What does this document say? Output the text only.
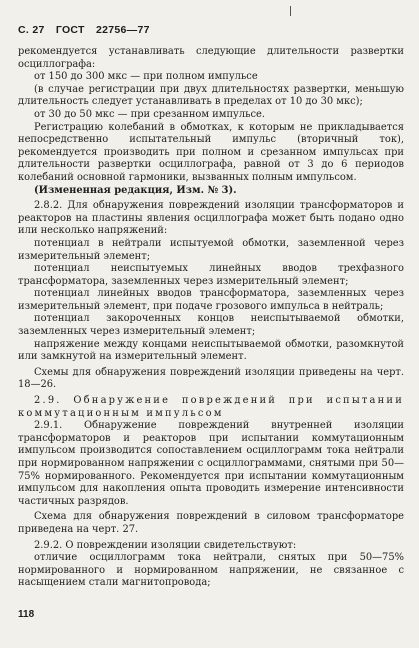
С. 27 ГОСТ 22756—77

рекомендуется устанавливать следующие длительности развертки осциллографа:

от 150 до 300 мкс — при полном импульсе

(в случае регистрации при двух длительностях развертки, меньшую длительность следует устанавливать в пределах от 10 до 30 мкс);

от 30 до 50 мкс — при срезанном импульсе.

Регистрацию колебаний в обмотках, к которым не прикладывается непосредственно испытательный импульс (вторичный ток), рекомендуется производить при полном и срезанном импульсах при длительности развертки осциллографа, равной от 3 до 6 периодов колебаний основной гармоники, вызванных полным импульсом.

(Измененная редакция, Изм. № 3).

2.8.2. Для обнаружения повреждений изоляции трансформаторов и реакторов на пластины явления осциллографа может быть подано одно или несколько напряжений:

потенциал в нейтрали испытуемой обмотки, заземленной через измерительный элемент;

потенциал неиспытуемых линейных вводов трехфазного трансформатора, заземленных через измерительный элемент;

потенциал линейных вводов трансформатора, заземленных через измерительный элемент, при подаче грозового импульса в нейтраль;

потенциал закороченных концов неиспытываемой обмотки, заземленных через измерительный элемент;

напряжение между концами неиспытываемой обмотки, разомкнутой или замкнутой на измерительный элемент.

Схемы для обнаружения повреждений изоляции приведены на черт. 18—26.

2.9. Обнаружение повреждений при испытании коммутационным импульсом

2.9.1. Обнаружение повреждений внутренней изоляции трансформаторов и реакторов при испытании коммутационным импульсом производится сопоставлением осциллограмм тока нейтрали при нормированном напряжении с осциллограммами, снятыми при 50—75% нормированного. Рекомендуется при испытании коммутационным импульсом для накопления опыта проводить измерение интенсивности частичных разрядов.

Схема для обнаружения повреждений в силовом трансформаторе приведена на черт. 27.

2.9.2. О повреждении изоляции свидетельствуют:

отличие осциллограмм тока нейтрали, снятых при 50—75% нормированного и нормированном напряжении, не связанное с насыщением стали магнитопровода;

118
